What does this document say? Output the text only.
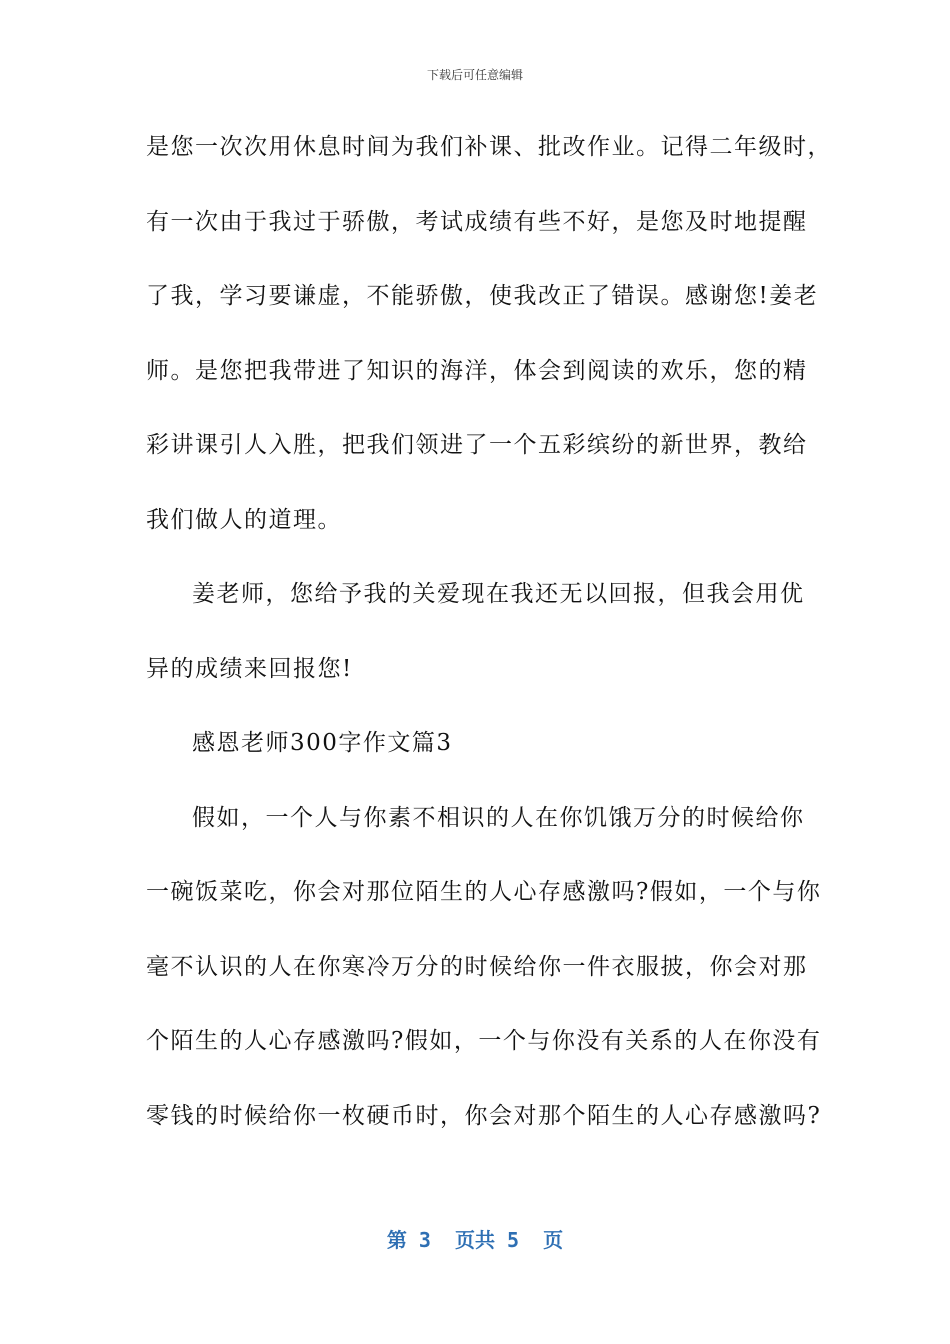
下载后可任意编辑
是您一次次用休息时间为我们补课、批改作业。记得二年级时，
有一次由于我过于骄傲，考试成绩有些不好，是您及时地提醒
了我，学习要谦虚，不能骄傲，使我改正了错误。感谢您!姜老
师。是您把我带进了知识的海洋，体会到阅读的欢乐，您的精
彩讲课引人入胜，把我们领进了一个五彩缤纷的新世界，教给
我们做人的道理。
姜老师，您给予我的关爱现在我还无以回报，但我会用优
异的成绩来回报您!
感恩老师300字作文篇3
假如，一个人与你素不相识的人在你饥饿万分的时候给你
一碗饭菜吃，你会对那位陌生的人心存感激吗?假如，一个与你
毫不认识的人在你寒冷万分的时候给你一件衣服披，你会对那
个陌生的人心存感激吗?假如，一个与你没有关系的人在你没有
零钱的时候给你一枚硬币时，你会对那个陌生的人心存感激吗?
第 3  页共 5  页
